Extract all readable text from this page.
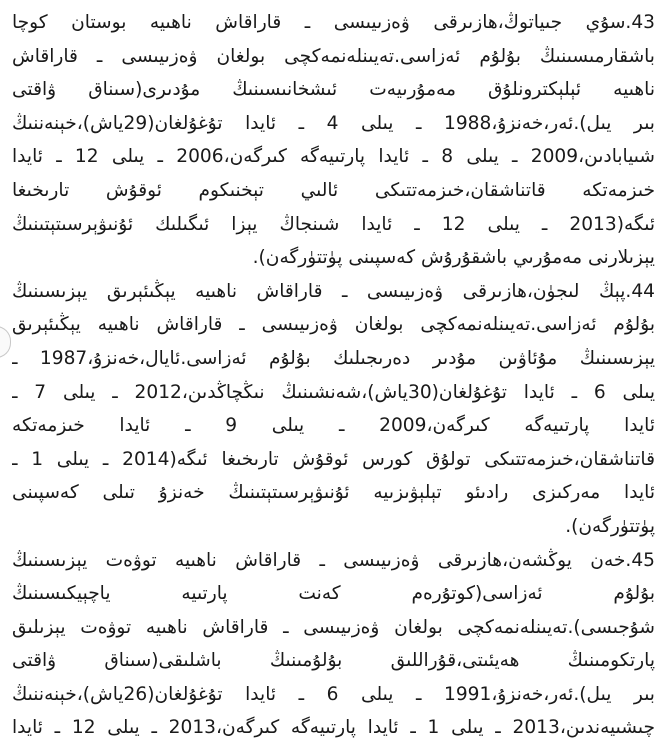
43.سۇي جىياتوڭ،ھازىرقى ۋەزىيىسى ـ قاراقاش ناھىيە بوستان كوچا
باشقارمىسىنىڭ بۇلۇم ئەزاسى.تەيىنلەنمەكچى بولغان ۋەزىيىسى ـ قاراقاش
ناھىيە ئېلېكترونلۇق مەمۇرىيەت ئىشخانىسىنىڭ مۇدىرى(سىناق ۋاقتى
بىر يىل).ئەر،خەنزۇ،1988 ـ يىلى 4 ـ ئايدا تۇغۇلغان(29ياش)،خېنەننىڭ
شىيابادىن،2009 ـ يىلى 8 ـ ئايدا پارتىيەگە كىرگەن،2006 ـ يىلى 12 ـ ئايدا
خىزمەتكە قاتناشقان،خىزمەتتىكى ئالىي تېخنىكوم ئوقۇش تارىخىغا
ئىگە(2013 ـ يىلى 12 ـ ئايدا شىنجاڭ يېزا ئىگىلىك ئۇنىۋېرسىتېتىنىڭ
يېزىلارنى مەمۇرىي باشقۇرۇش كەسپىنى پۈتتۈرگەن).
44.پېڭ لىجۈن،ھازىرقى ۋەزىيىسى ـ قاراقاش ناھىيە يېڭىئېرىق يېزىسىنىڭ
بۇلۇم ئەزاسى.تەيىنلەنمەكچى بولغان ۋەزىيىسى ـ قاراقاش ناھىيە يېڭىئېرىق
يېزىسىنىڭ مۇئاۋىن مۇدىر دەرىجىلىك بۇلۇم ئەزاسى.ئايال،خەنزۇ،1987 ـ
يىلى 6 ـ ئايدا تۇغۇلغان(30ياش)،شەنشىنىڭ نىڭچاڭدىن،2012 ـ يىلى 7 ـ
ئايدا پارتىيەگە كىرگەن،2009 ـ يىلى 9 ـ ئايدا خىزمەتكە
قاتناشقان،خىزمەتتىكى تولۇق كورس ئوقۇش تارىخىغا ئىگە(2014 ـ يىلى 1 ـ
ئايدا مەركىزى رادىئو تېلېۋىزىيە ئۇنىۋېرسىتېتىنىڭ خەنزۇ تىلى كەسپىنى
پۈتتۈرگەن).
45.خەن يوڭشەن،ھازىرقى ۋەزىيىسى ـ قاراقاش ناھىيە توۋەت يېزىسىنىڭ
بۇلۇم ئەزاسى(كوتۇرەم كەنت پارتىيە ياچېيكىسىنىڭ
شۇجىسى).تەيىنلەنمەكچى بولغان ۋەزىيىسى ـ قاراقاش ناھىيە توۋەت يېزىلىق
پارتكومىنىڭ ھەيئىتى،قۇراللىق بۇلۇمىنىڭ باشلىقى(سىناق ۋاقتى
بىر يىل).ئەر،خەنزۇ،1991 ـ يىلى 6 ـ ئايدا تۇغۇلغان(26ياش)،خېنەننىڭ
چىشىيەندىن،2013 ـ يىلى 1 ـ ئايدا پارتىيەگە كىرگەن،2013 ـ يىلى 12 ـ ئايدا
